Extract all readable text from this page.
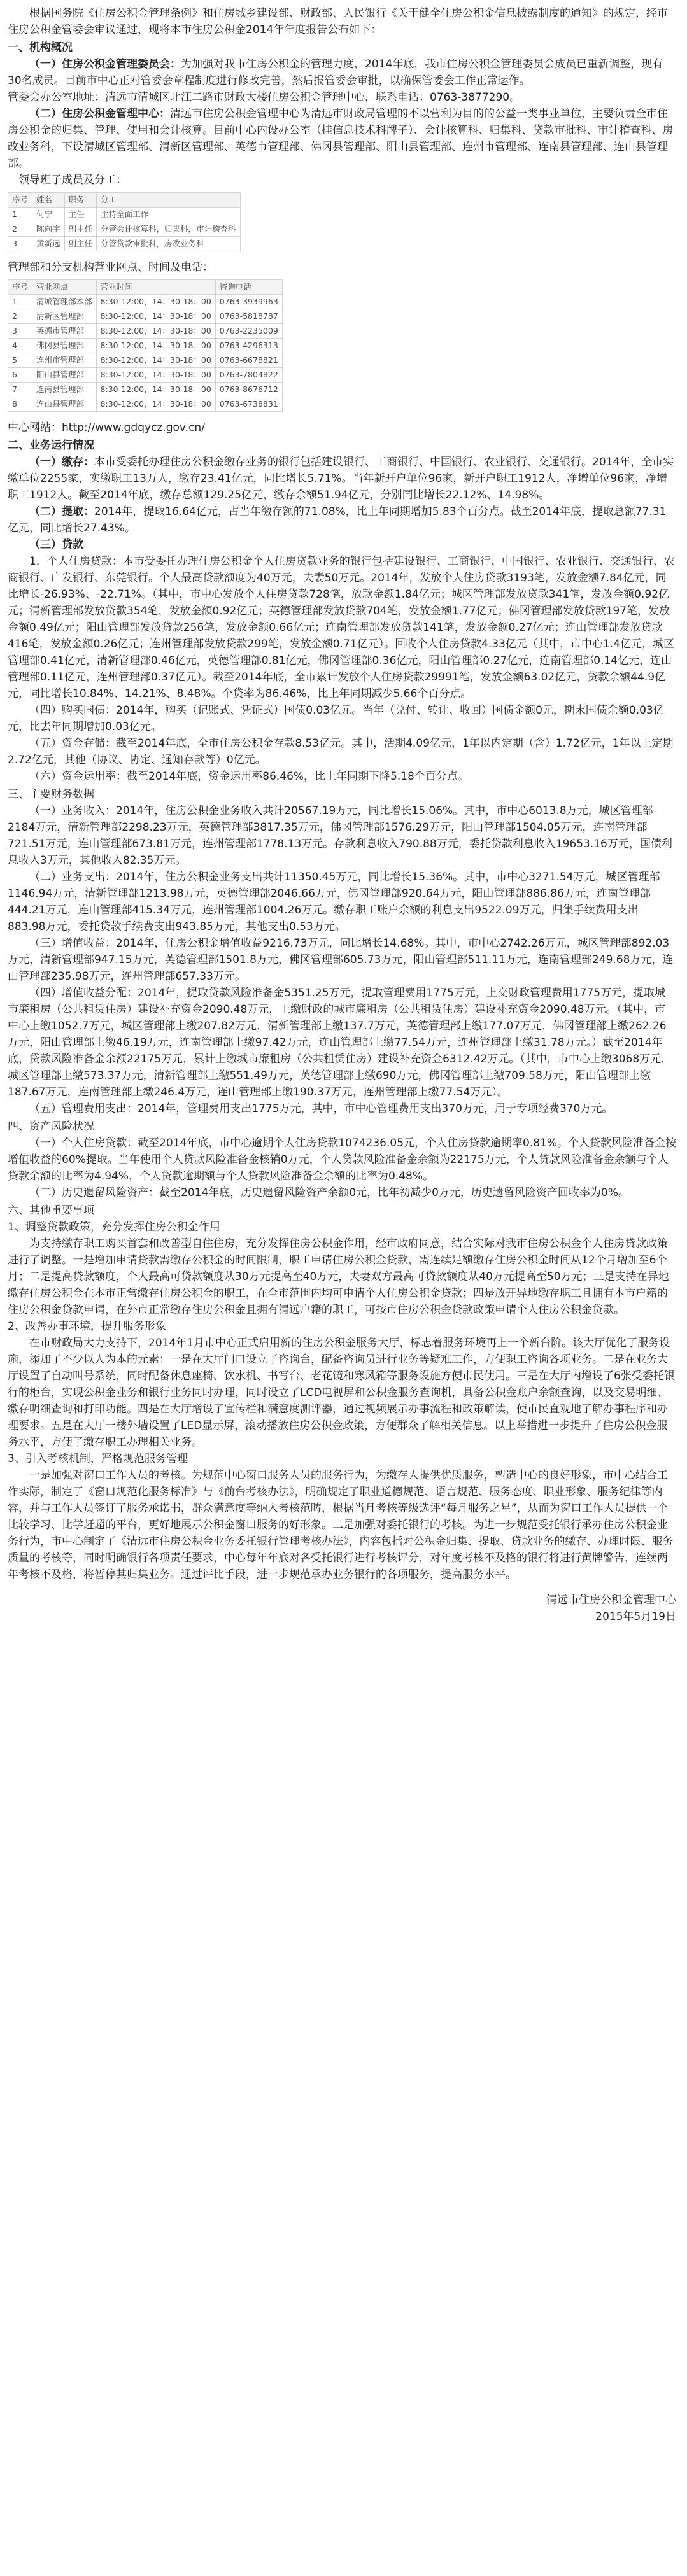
根据国务院《住房公积金管理条例》和住房城乡建设部、财政部、人民银行《关于健全住房公积金信息披露制度的通知》的规定，经市住房公积金管委会审议通过，现将本市住房公积金2014年年度报告公布如下：

一、机构概况

（一）住房公积金管理委员会：为加强对我市住房公积金的管理力度，2014年底，我市住房公积金管理委员会成员已重新调整，现有30名成员。目前市中心正对管委会章程制度进行修改完善，然后报管委会审批，以确保管委会工作正常运作。

管委会办公室地址：清远市清城区北江二路市财政大楼住房公积金管理中心，联系电话：0763-3877290。

（二）住房公积金管理中心：清远市住房公积金管理中心为清远市财政局管理的不以营利为目的的公益一类事业单位，主要负责全市住房公积金的归集、管理、使用和会计核算。目前中心内设办公室（挂信息技术科牌子）、会计核算科、归集科、贷款审批科、审计稽查科、房改业务科，下设清城区管理部、清新区管理部、英德市管理部、佛冈县管理部、阳山县管理部、连州市管理部、连南县管理部、连山县管理部。

领导班子成员及分工：

序号	姓名	职务	分工
1	何宁	主任	主持全面工作
2	陈向宇	副主任	分管会计核算科，归集科，审计稽查科
3	黄新远	副主任	分管贷款审批科，房改业务科

管理部和分支机构营业网点、时间及电话：

序号	营业网点	营业时间	咨询电话
1	清城管理部本部	8:30-12:00，14：30-18：00	0763-3939963
2	清新区管理部	8:30-12:00，14：30-18：00	0763-5818787
3	英德市管理部	8:30-12:00，14：30-18：00	0763-2235009
4	佛冈县管理部	8:30-12:00，14：30-18：00	0763-4296313
5	连州市管理部	8:30-12:00，14：30-18：00	0763-6678821
6	阳山县管理部	8:30-12:00，14：30-18：00	0763-7804822
7	连南县管理部	8:30-12:00，14：30-18：00	0763-8676712
8	连山县管理部	8:30-12:00，14：30-18：00	0763-6738831

中心网站：http://www.gdqycz.gov.cn/

二、业务运行情况

（一）缴存：本市受委托办理住房公积金缴存业务的银行包括建设银行、工商银行、中国银行、农业银行、交通银行。2014年，全市实缴单位2255家，实缴职工13万人，缴存23.41亿元，同比增长5.71%。当年新开户单位96家，新开户职工1912人，净增单位96家，净增职工1912人。截至2014年底，缴存总额129.25亿元，缴存余额51.94亿元，分别同比增长22.12%、14.98%。

（二）提取：2014年，提取16.64亿元，占当年缴存额的71.08%，比上年同期增加5.83个百分点。截至2014年底，提取总额77.31亿元，同比增长27.43%。

（三）贷款

1．个人住房贷款：本市受委托办理住房公积金个人住房贷款业务的银行包括建设银行、工商银行、中国银行、农业银行、交通银行、农商银行、广发银行、东莞银行。个人最高贷款额度为40万元，夫妻50万元。2014年，发放个人住房贷款3193笔，发放金额7.84亿元，同比增长-26.93%、-22.71%。（其中，市中心发放个人住房贷款728笔，放款金额1.84亿元；城区管理部发放贷款341笔，发放金额0.92亿元；清新管理部发放贷款354笔，发放金额0.92亿元；英德管理部发放贷款704笔，发放金额1.77亿元；佛冈管理部发放贷款197笔，发放金额0.49亿元；阳山管理部发放贷款256笔，发放金额0.66亿元；连南管理部发放贷款141笔，发放金额0.27亿元；连山管理部发放贷款416笔，发放金额0.26亿元；连州管理部发放贷款299笔，发放金额0.71亿元）。回收个人住房贷款4.33亿元（其中，市中心1.4亿元，城区管理部0.41亿元，清新管理部0.46亿元，英德管理部0.81亿元，佛冈管理部0.36亿元，阳山管理部0.27亿元，连南管理部0.14亿元，连山管理部0.11亿元，连州管理部0.37亿元）。截至2014年底，全市累计发放个人住房贷款29991笔，发放金额63.02亿元，贷款余额44.9亿元，同比增长10.84%、14.21%、8.48%。个贷率为86.46%，比上年同期减少5.66个百分点。

（四）购买国债：2014年，购买（记账式、凭证式）国债0.03亿元。当年（兑付、转让、收回）国债金额0元，期末国债余额0.03亿元，比去年同期增加0.03亿元。

（五）资金存储：截至2014年底，全市住房公积金存款8.53亿元。其中，活期4.09亿元，1年以内定期（含）1.72亿元，1年以上定期2.72亿元，其他（协议、协定、通知存款等）0亿元。

（六）资金运用率：截至2014年底，资金运用率86.46%，比上年同期下降5.18个百分点。

三、主要财务数据

（一）业务收入：2014年，住房公积金业务收入共计20567.19万元，同比增长15.06%。其中，市中心6013.8万元，城区管理部2184万元，清新管理部2298.23万元，英德管理部3817.35万元，佛冈管理部1576.29万元，阳山管理部1504.05万元，连南管理部721.51万元，连山管理部673.81万元，连州管理部1778.13万元。存款利息收入790.88万元，委托贷款利息收入19653.16万元，国债利息收入3万元，其他收入82.35万元。

（二）业务支出：2014年，住房公积金业务支出共计11350.45万元，同比增长15.36%。其中，市中心3271.54万元，城区管理部1146.94万元，清新管理部1213.98万元，英德管理部2046.66万元，佛冈管理部920.64万元，阳山管理部886.86万元，连南管理部444.21万元，连山管理部415.34万元，连州管理部1004.26万元。缴存职工账户余额的利息支出9522.09万元，归集手续费用支出883.98万元，委托贷款手续费支出943.85万元，其他支出0.53万元。

（三）增值收益：2014年，住房公积金增值收益9216.73万元，同比增长14.68%。其中，市中心2742.26万元，城区管理部892.03万元，清新管理部947.15万元，英德管理部1501.8万元，佛冈管理部605.73万元，阳山管理部511.11万元，连南管理部249.68万元，连山管理部235.98万元，连州管理部657.33万元。

（四）增值收益分配：2014年，提取贷款风险准备金5351.25万元，提取管理费用1775万元，上交财政管理费用1775万元，提取城市廉租房（公共租赁住房）建设补充资金2090.48万元，上缴财政的城市廉租房（公共租赁住房）建设补充资金2090.48万元。（其中，市中心上缴1052.7万元，城区管理部上缴207.82万元，清新管理部上缴137.7万元，英德管理部上缴177.07万元，佛冈管理部上缴262.26万元，阳山管理部上缴46.19万元，连南管理部上缴97.42万元，连山管理部上缴77.54万元，连州管理部上缴31.78万元。）截至2014年底，贷款风险准备金余额22175万元，累计上缴城市廉租房（公共租赁住房）建设补充资金6312.42万元。（其中，市中心上缴3068万元，城区管理部上缴573.37万元，清新管理部上缴551.49万元，英德管理部上缴690万元，佛冈管理部上缴709.58万元，阳山管理部上缴187.67万元，连南管理部上缴246.4万元，连山管理部上缴190.37万元，连州管理部上缴77.54万元）。

（五）管理费用支出：2014年，管理费用支出1775万元，其中，市中心管理费用支出370万元，用于专项经费370万元。

四、资产风险状况

（一）个人住房贷款：截至2014年底，市中心逾期个人住房贷款1074236.05元，个人住房贷款逾期率0.81%。个人贷款风险准备金按增值收益的60%提取。当年使用个人贷款风险准备金核销0万元，个人贷款风险准备金余额为22175万元，个人贷款风险准备金余额与个人贷款余额的比率为4.94%，个人贷款逾期额与个人贷款风险准备金余额的比率为0.48%。

（二）历史遗留风险资产：截至2014年底，历史遗留风险资产余额0元，比年初减少0万元，历史遗留风险资产回收率为0%。

六、其他重要事项

1、调整贷款政策，充分发挥住房公积金作用

为支持缴存职工购买首套和改善型自住住房，充分发挥住房公积金作用，经市政府同意，结合实际对我市住房公积金个人住房贷款政策进行了调整。一是增加申请贷款需缴存公积金的时间限制，职工申请住房公积金贷款，需连续足额缴存住房公积金时间从12个月增加至6个月；二是提高贷款额度，个人最高可贷款额度从30万元提高至40万元，夫妻双方最高可贷款额度从40万元提高至50万元；三是支持在异地缴存住房公积金在本市正常缴存住房公积金的职工，在全市范围内均可申请个人住房公积金贷款；四是放开异地缴存职工且拥有本市户籍的住房公积金贷款申请，在外市正常缴存住房公积金且拥有清远户籍的职工，可按市住房公积金贷款政策申请个人住房公积金贷款。

2、改善办事环境，提升服务形象

在市财政局大力支持下，2014年1月市中心正式启用新的住房公积金服务大厅，标志着服务环境再上一个新台阶。该大厅优化了服务设施，添加了不少以人为本的元素：一是在大厅门口设立了咨询台，配备咨询员进行业务等疑难工作，方便职工咨询各项业务。二是在业务大厅设置了自动叫号系统，同时配备休息座椅、饮水机、书写台、老花镜和寒风箱等服务设施方便市民使用。三是在大厅内增设了6张受委托银行的柜台，实现公积金业务和银行业务同时办理，同时设立了LCD电视屏和公积金服务查询机，具备公积金账户余额查询，以及交易明细、缴存明细查询和打印功能。四是在大厅增设了宣传栏和满意度测评器，通过视频展示办事流程和政策解读，使市民直观地了解办事程序和办理要求。五是在大厅一楼外墙设置了LED显示屏，滚动播放住房公积金政策，方便群众了解相关信息。以上举措进一步提升了住房公积金服务水平，方便了缴存职工办理相关业务。

3、引入考核机制，严格规范服务管理

一是加强对窗口工作人员的考核。为规范中心窗口服务人员的服务行为，为缴存人提供优质服务，塑造中心的良好形象，市中心结合工作实际，制定了《窗口规范化服务标准》与《前台考核办法》，明确规定了职业道德规范、语言规范、服务态度、职业形象、服务纪律等内容，并与工作人员签订了服务承诺书，群众满意度等纳入考核范畴，根据当月考核等级选评“每月服务之星”，从而为窗口工作人员提供一个比较学习、比学赶超的平台，更好地展示公积金窗口服务的好形象。二是加强对委托银行的考核。为进一步规范受托银行承办住房公积金业务行为，市中心制定了《清远市住房公积金业务委托银行管理考核办法》，内容包括对公积金归集、提取、贷款业务的缴存、办理时限、服务质量的考核等，同时明确银行各项责任要求，中心每年年底对各受托银行进行考核评分，对年度考核不及格的银行将进行黄牌警告，连续两年考核不及格，将暂停其归集业务。通过评比手段，进一步规范承办业务银行的各项服务，提高服务水平。

清远市住房公积金管理中心

2015年5月19日
